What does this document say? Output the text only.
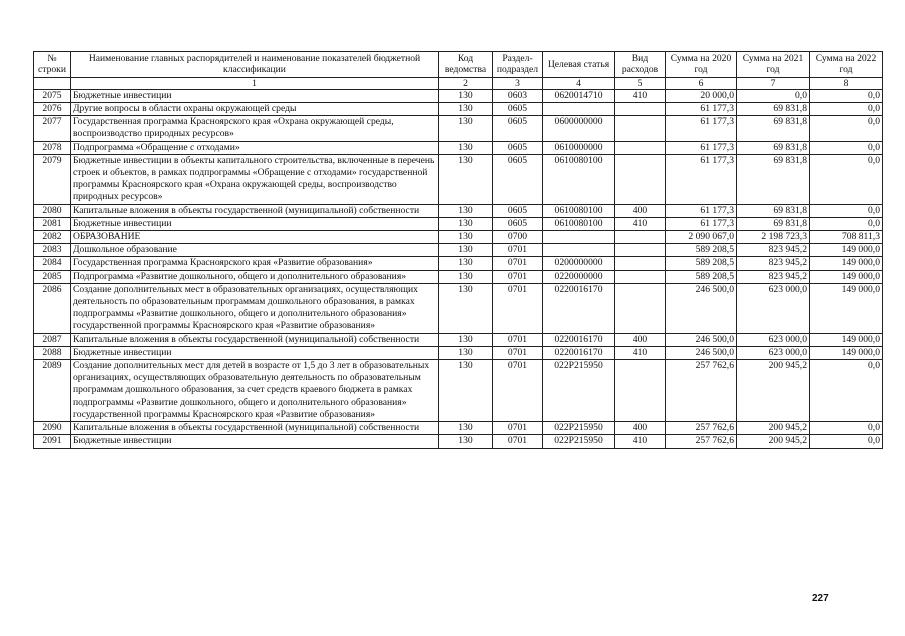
№ строки	Наименование главных распорядителей и наименование показателей бюджетной классификации	Код ведомства	Раздел-подраздел	Целевая статья	Вид расходов	Сумма на 2020 год	Сумма на 2021 год	Сумма на 2022 год
	1	2	3	4	5	6	7	8
2075	Бюджетные инвестиции	130	0603	0620014710	410	20 000,0	0,0	0,0
2076	Другие вопросы в области охраны окружающей среды	130	0605			61 177,3	69 831,8	0,0
2077	Государственная программа Красноярского края «Охрана окружающей среды, воспроизводство природных ресурсов»	130	0605	0600000000		61 177,3	69 831,8	0,0
2078	Подпрограмма «Обращение с отходами»	130	0605	0610000000		61 177,3	69 831,8	0,0
2079	Бюджетные инвестиции в объекты капитального строительства, включенные в перечень строек и объектов, в рамках подпрограммы «Обращение с отходами» государственной программы Красноярского края «Охрана окружающей среды, воспроизводство природных ресурсов»	130	0605	0610080100		61 177,3	69 831,8	0,0
2080	Капитальные вложения в объекты государственной (муниципальной) собственности	130	0605	0610080100	400	61 177,3	69 831,8	0,0
2081	Бюджетные инвестиции	130	0605	0610080100	410	61 177,3	69 831,8	0,0
2082	ОБРАЗОВАНИЕ	130	0700			2 090 067,0	2 198 723,3	708 811,3
2083	Дошкольное образование	130	0701			589 208,5	823 945,2	149 000,0
2084	Государственная программа Красноярского края «Развитие образования»	130	0701	0200000000		589 208,5	823 945,2	149 000,0
2085	Подпрограмма «Развитие дошкольного, общего и дополнительного образования»	130	0701	0220000000		589 208,5	823 945,2	149 000,0
2086	Создание дополнительных мест в образовательных организациях, осуществляющих деятельность по образовательным программам дошкольного образования, в рамках подпрограммы «Развитие дошкольного, общего и дополнительного образования» государственной программы Красноярского края «Развитие образования»	130	0701	0220016170		246 500,0	623 000,0	149 000,0
2087	Капитальные вложения в объекты государственной (муниципальной) собственности	130	0701	0220016170	400	246 500,0	623 000,0	149 000,0
2088	Бюджетные инвестиции	130	0701	0220016170	410	246 500,0	623 000,0	149 000,0
2089	Создание дополнительных мест для детей в возрасте от 1,5 до 3 лет в образовательных организациях, осуществляющих образовательную деятельность по образовательным программам дошкольного образования, за счет средств краевого бюджета в рамках подпрограммы «Развитие дошкольного, общего и дополнительного образования» государственной программы Красноярского края «Развитие образования»	130	0701	022P215950		257 762,6	200 945,2	0,0
2090	Капитальные вложения в объекты государственной (муниципальной) собственности	130	0701	022P215950	400	257 762,6	200 945,2	0,0
2091	Бюджетные инвестиции	130	0701	022P215950	410	257 762,6	200 945,2	0,0
227
